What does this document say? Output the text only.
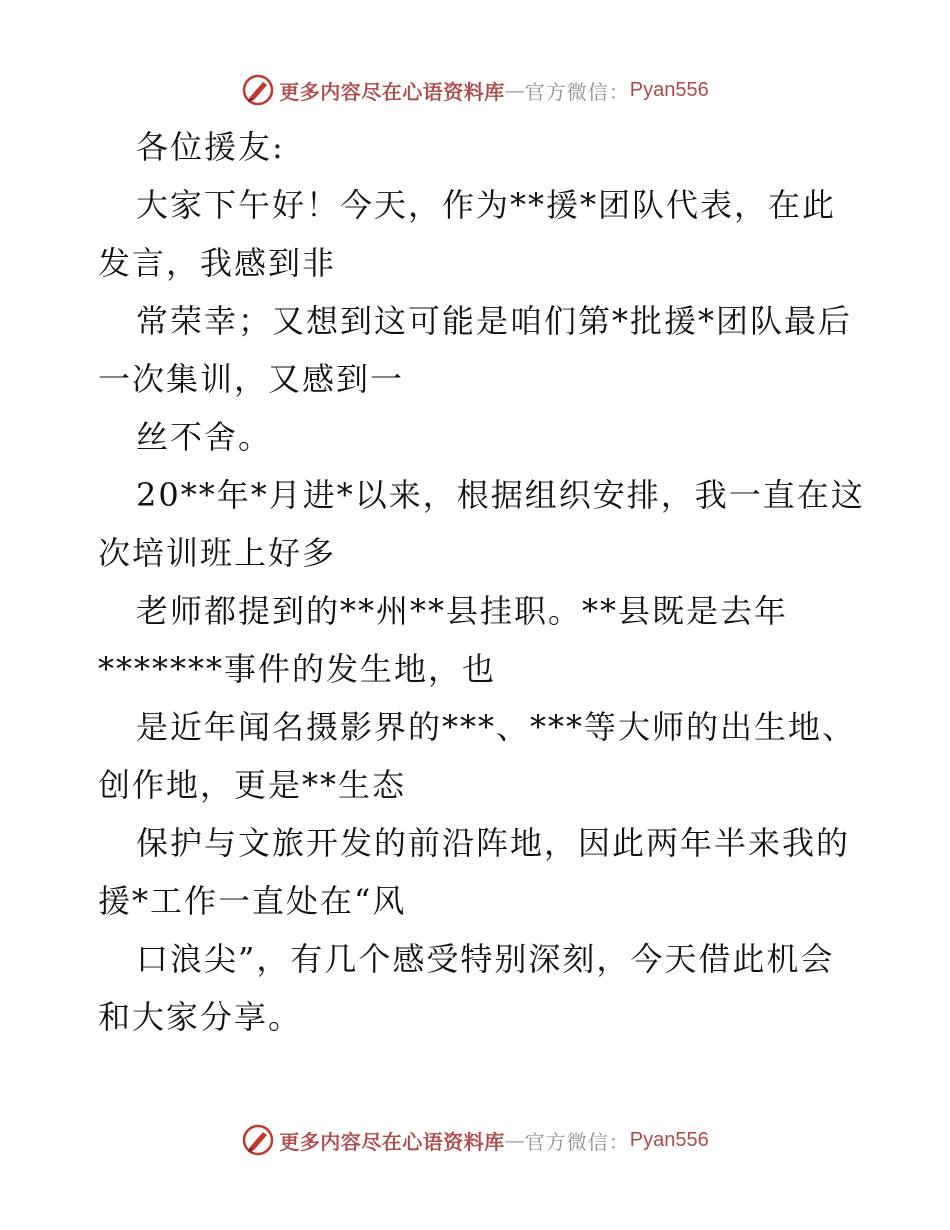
更多内容尽在心语资料库 — 官方微信： Pyan556
各位援友:
大家下午好！今天，作为**援*团队代表，在此
发言，我感到非
常荣幸；又想到这可能是咱们第*批援*团队最后
一次集训，又感到一
丝不舍。
20**年*月进*以来，根据组织安排，我一直在这
次培训班上好多
老师都提到的**州**县挂职。**县既是去年
*******事件的发生地，也
是近年闻名摄影界的***、***等大师的出生地、
创作地，更是**生态
保护与文旅开发的前沿阵地，因此两年半来我的
援*工作一直处在“风
口浪尖”，有几个感受特别深刻，今天借此机会
和大家分享。
更多内容尽在心语资料库 — 官方微信： Pyan556
